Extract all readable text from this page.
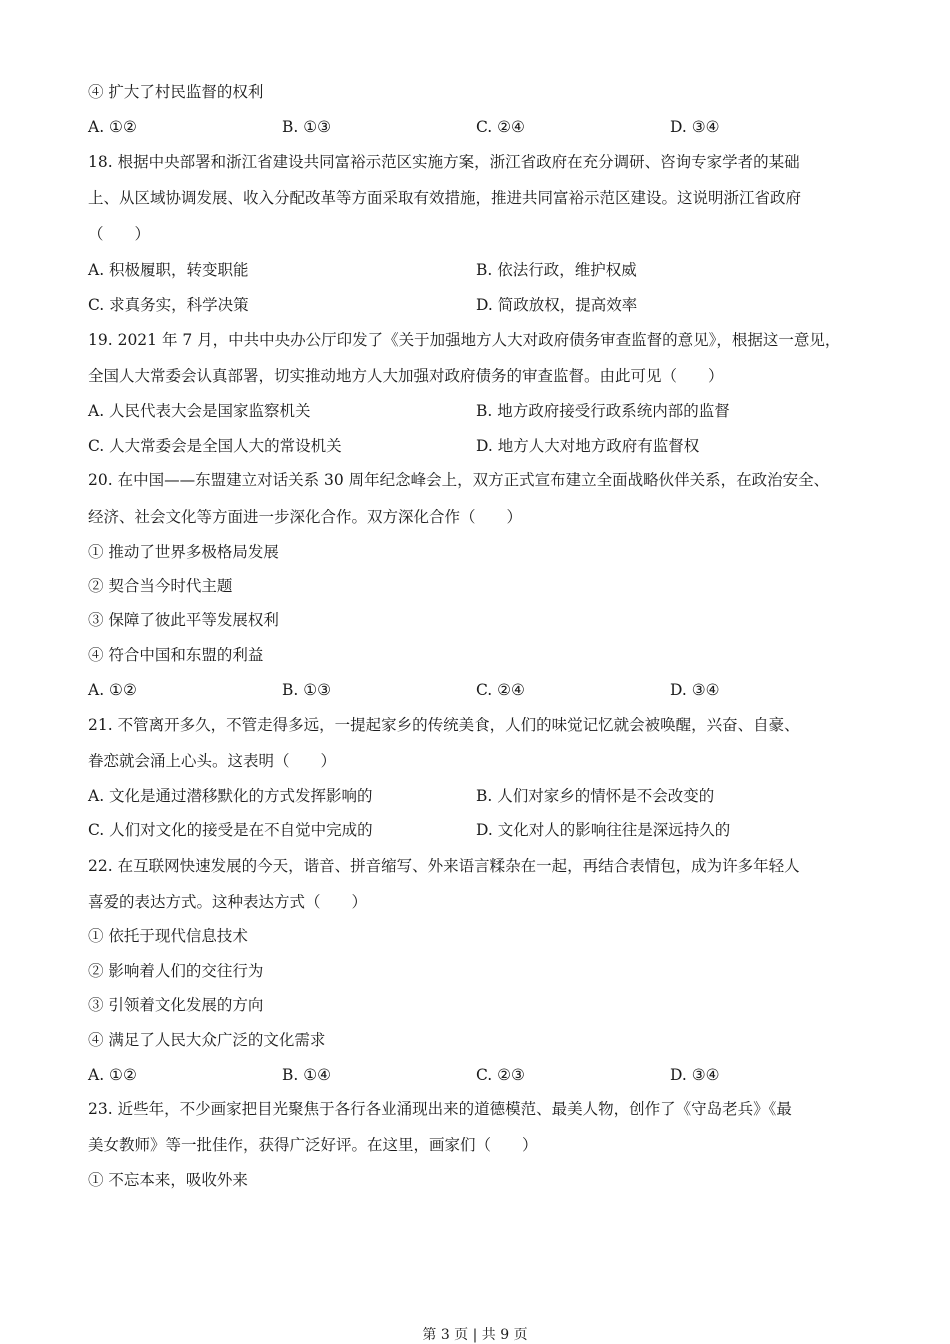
④ 扩大了村民监督的权利
A. ①②	B. ①③	C. ②④	D. ③④
18. 根据中央部署和浙江省建设共同富裕示范区实施方案，浙江省政府在充分调研、咨询专家学者的某础
上、从区域协调发展、收入分配改革等方面采取有效措施，推进共同富裕示范区建设。这说明浙江省政府
（　　）
A. 积极履职，转变职能	B. 依法行政，维护权威
C. 求真务实，科学决策	D. 简政放权，提高效率
19. 2021 年 7 月，中共中央办公厅印发了《关于加强地方人大对政府债务审查监督的意见》，根据这一意见，
全国人大常委会认真部署，切实推动地方人大加强对政府债务的审查监督。由此可见（　　）
A. 人民代表大会是国家监察机关	B. 地方政府接受行政系统内部的监督
C. 人大常委会是全国人大的常设机关	D. 地方人大对地方政府有监督权
20. 在中国——东盟建立对话关系 30 周年纪念峰会上，双方正式宣布建立全面战略伙伴关系，在政治安全、
经济、社会文化等方面进一步深化合作。双方深化合作（　　）
① 推动了世界多极格局发展
② 契合当今时代主题
③ 保障了彼此平等发展权利
④ 符合中国和东盟的利益
A. ①②	B. ①③	C. ②④	D. ③④
21. 不管离开多久，不管走得多远，一提起家乡的传统美食，人们的味觉记忆就会被唤醒，兴奋、自豪、
眷恋就会涌上心头。这表明（　　）
A. 文化是通过潜移默化的方式发挥影响的	B. 人们对家乡的情怀是不会改变的
C. 人们对文化的接受是在不自觉中完成的	D. 文化对人的影响往往是深远持久的
22. 在互联网快速发展的今天，谐音、拼音缩写、外来语言糅杂在一起，再结合表情包，成为许多年轻人
喜爱的表达方式。这种表达方式（　　）
① 依托于现代信息技术
② 影响着人们的交往行为
③ 引领着文化发展的方向
④ 满足了人民大众广泛的文化需求
A. ①②	B. ①④	C. ②③	D. ③④
23. 近些年，不少画家把目光聚焦于各行各业涌现出来的道德模范、最美人物，创作了《守岛老兵》《最
美女教师》等一批佳作，获得广泛好评。在这里，画家们（　　）
① 不忘本来，吸收外来
第 3 页 | 共 9 页
